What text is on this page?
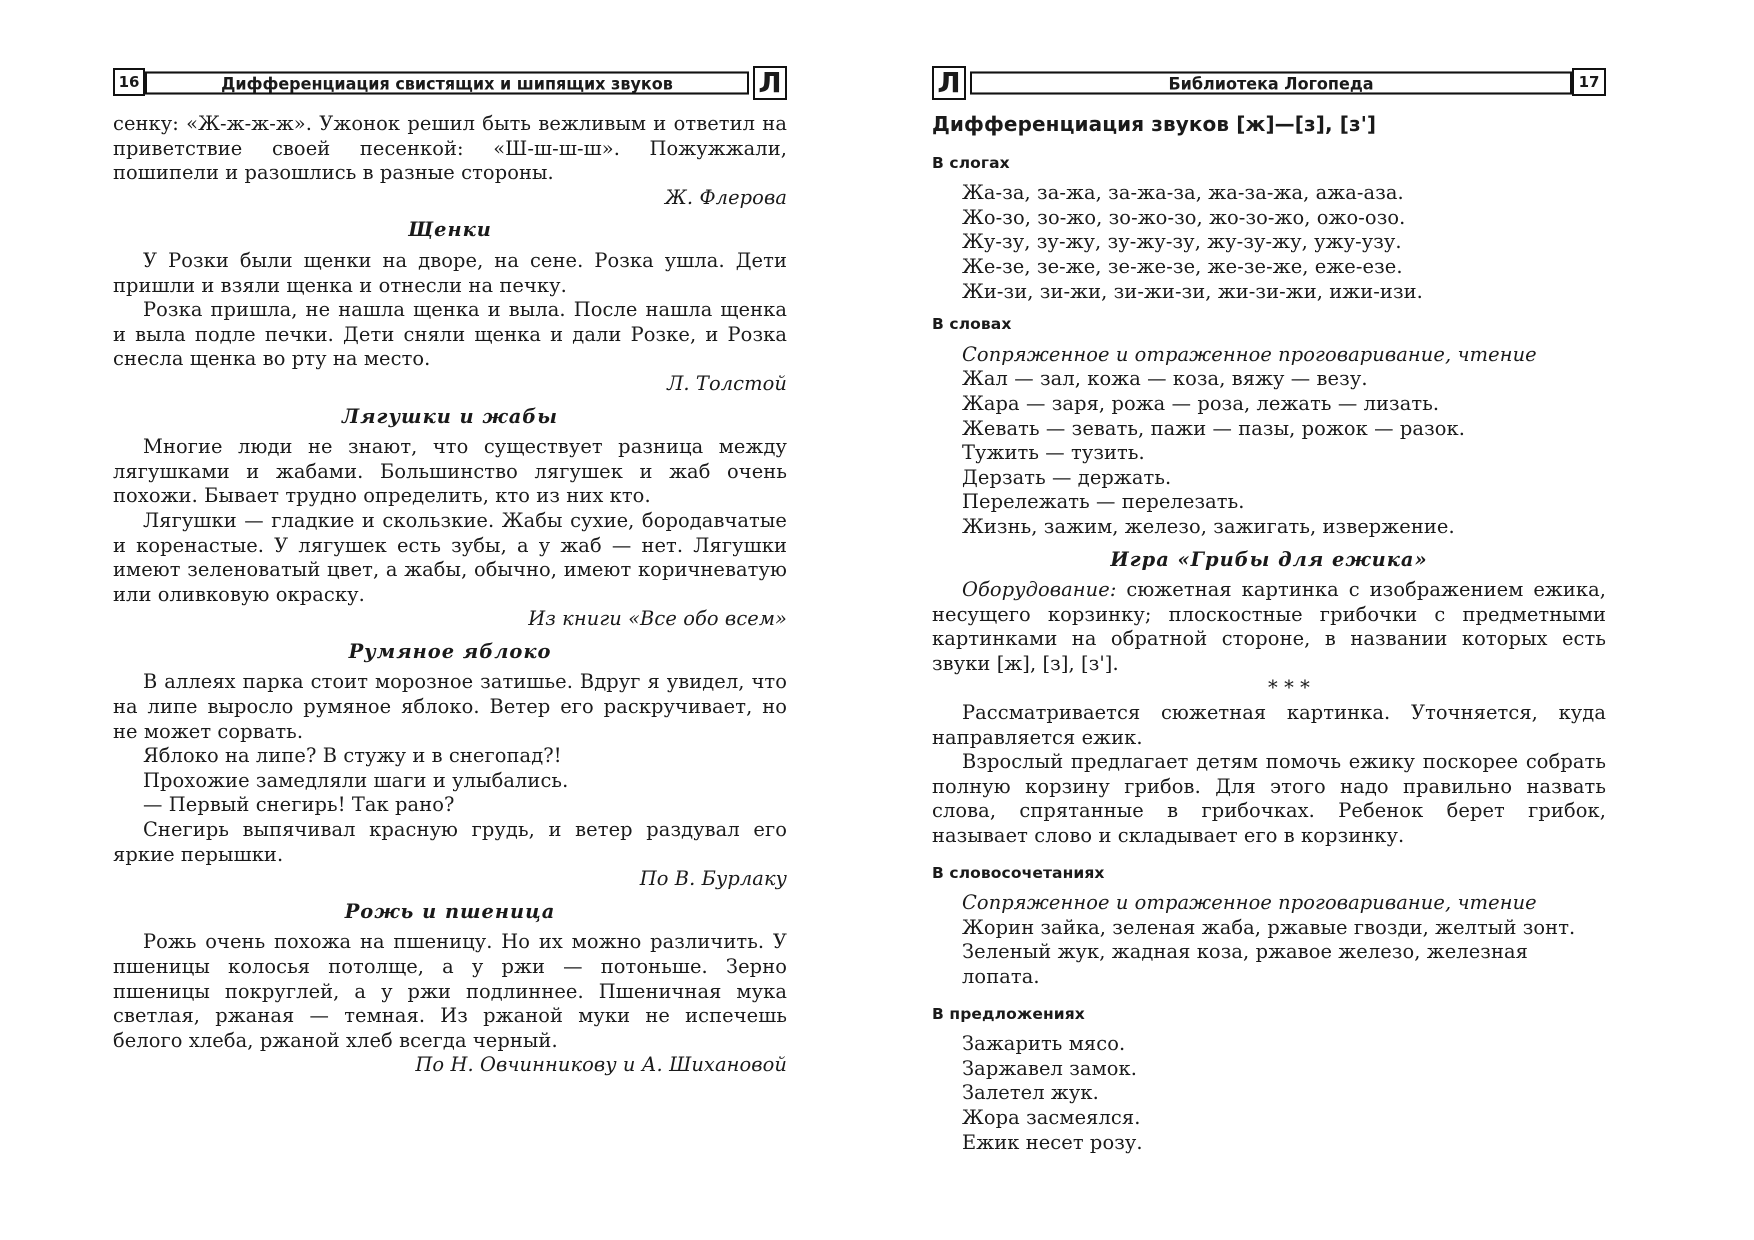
16	Дифференциация свистящих и шипящих звуков	Л

сенку: «Ж-ж-ж-ж». Ужонок решил быть вежливым и ответил на приветствие своей песенкой: «Ш-ш-ш-ш». Пожужжали, пошипели и разошлись в разные стороны.

Ж. Флерова

Щенки

У Розки были щенки на дворе, на сене. Розка ушла. Дети пришли и взяли щенка и отнесли на печку.

Розка пришла, не нашла щенка и выла. После нашла щенка и выла подле печки. Дети сняли щенка и дали Розке, и Розка снесла щенка во рту на место.

Л. Толстой

Лягушки и жабы

Многие люди не знают, что существует разница между лягушками и жабами. Большинство лягушек и жаб очень похожи. Бывает трудно определить, кто из них кто.

Лягушки — гладкие и скользкие. Жабы сухие, бородавчатые и коренастые. У лягушек есть зубы, а у жаб — нет. Лягушки имеют зеленоватый цвет, а жабы, обычно, имеют коричневатую или оливковую окраску.

Из книги «Все обо всем»

Румяное яблоко

В аллеях парка стоит морозное затишье. Вдруг я увидел, что на липе выросло румяное яблоко. Ветер его раскручивает, но не может сорвать.

Яблоко на липе? В стужу и в снегопад?!

Прохожие замедляли шаги и улыбались.

— Первый снегирь! Так рано?

Снегирь выпячивал красную грудь, и ветер раздувал его яркие перышки.

По В. Бурлаку

Рожь и пшеница

Рожь очень похожа на пшеницу. Но их можно различить. У пшеницы колосья потолще, а у ржи — потоньше. Зерно пшеницы покруглей, а у ржи подлиннее. Пшеничная мука светлая, ржаная — темная. Из ржаной муки не испечешь белого хлеба, ржаной хлеб всегда черный.

По Н. Овчинникову и А. Шихановой

Л	Библиотека Логопеда	17
Дифференциация звуков [ж]—[з], [з']
В слогах
Жа-за, за-жа, за-жа-за, жа-за-жа, ажа-аза.
Жо-зо, зо-жо, зо-жо-зо, жо-зо-жо, ожо-озо.
Жу-зу, зу-жу, зу-жу-зу, жу-зу-жу, ужу-узу.
Же-зе, зе-же, зе-же-зе, же-зе-же, еже-езе.
Жи-зи, зи-жи, зи-жи-зи, жи-зи-жи, ижи-изи.
В словах
Сопряженное и отраженное проговаривание, чтение
Жал — зал, кожа — коза, вяжу — везу.
Жара — заря, рожа — роза, лежать — лизать.
Жевать — зевать, пажи — пазы, рожок — разок.
Тужить — тузить.
Дерзать — держать.
Перележать — перелезать.
Жизнь, зажим, железо, зажигать, извержение.
Игра «Грибы для ежика»

Оборудование: сюжетная картинка с изображением ежика, несущего корзинку; плоскостные грибочки с предметными картинками на обратной стороне, в названии которых есть звуки [ж], [з], [з'].

* * *

Рассматривается сюжетная картинка. Уточняется, куда направляется ежик.

Взрослый предлагает детям помочь ежику поскорее собрать полную корзину грибов. Для этого надо правильно назвать слова, спрятанные в грибочках. Ребенок берет грибок, называет слово и складывает его в корзинку.

В словосочетаниях
Сопряженное и отраженное проговаривание, чтение
Жорин зайка, зеленая жаба, ржавые гвозди, желтый зонт.
Зеленый жук, жадная коза, ржавое железо, железная лопата.
В предложениях
Зажарить мясо.
Заржавел замок.
Залетел жук.
Жора засмеялся.
Ежик несет розу.
